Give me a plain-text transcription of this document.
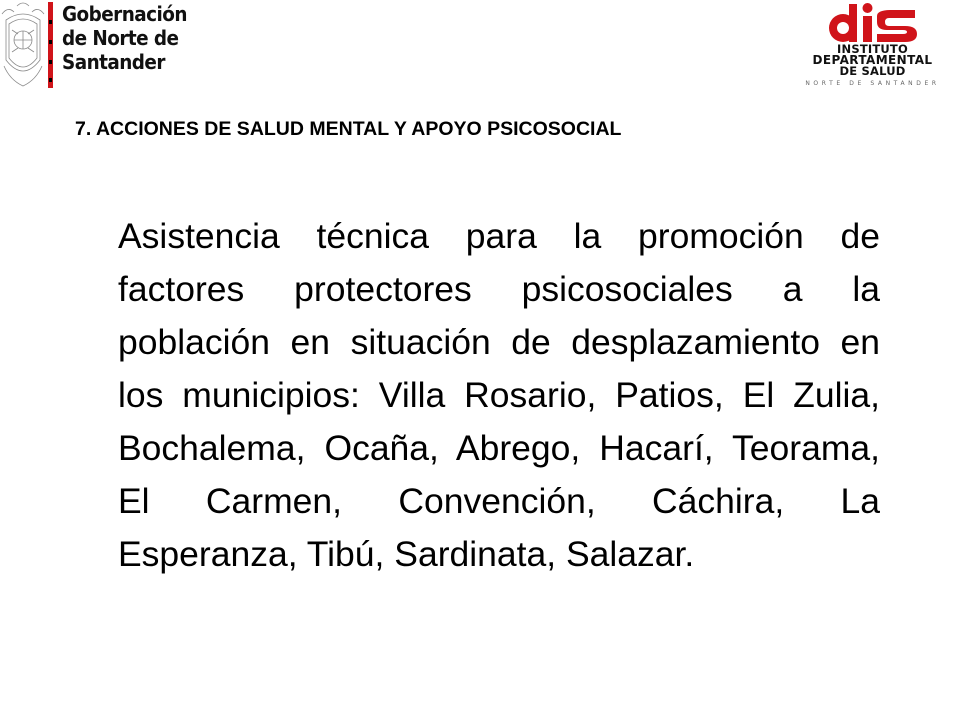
Gobernación
de Norte de
Santander
INSTITUTO
DEPARTAMENTAL
DE SALUD
NORTE DE SANTANDER
7. ACCIONES DE SALUD MENTAL Y APOYO PSICOSOCIAL
Asistencia técnica para la promoción de factores protectores psicosociales a la población en situación de desplazamiento en los municipios: Villa Rosario, Patios, El Zulia, Bochalema, Ocaña, Abrego, Hacarí, Teorama, El Carmen, Convención, Cáchira, La Esperanza, Tibú, Sardinata, Salazar.
